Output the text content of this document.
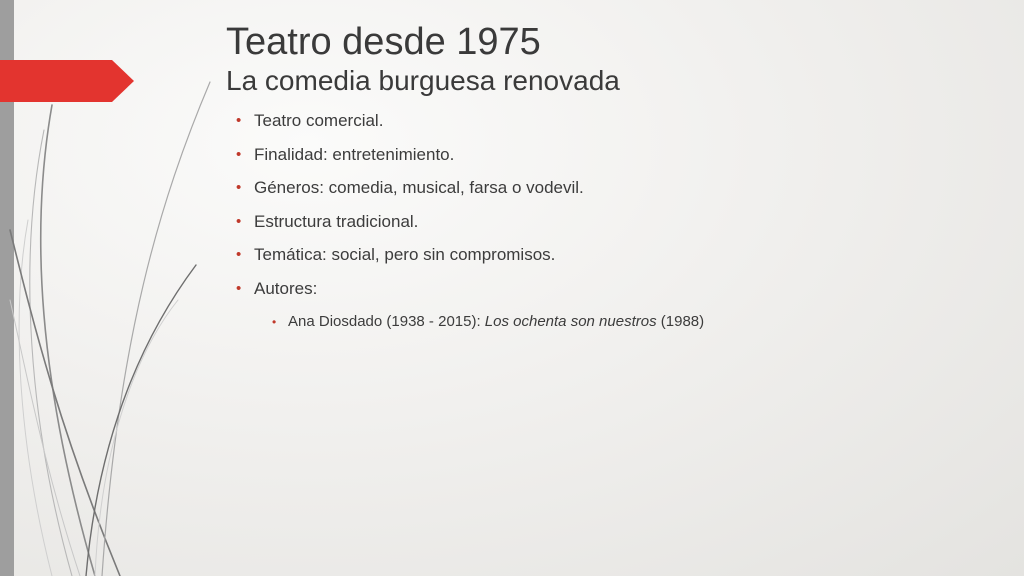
Teatro desde 1975
La comedia burguesa renovada
• Teatro comercial.
• Finalidad: entretenimiento.
• Géneros: comedia, musical, farsa o vodevil.
• Estructura tradicional.
• Temática: social, pero sin compromisos.
• Autores:
• Ana Diosdado (1938 - 2015): Los ochenta son nuestros (1988)
